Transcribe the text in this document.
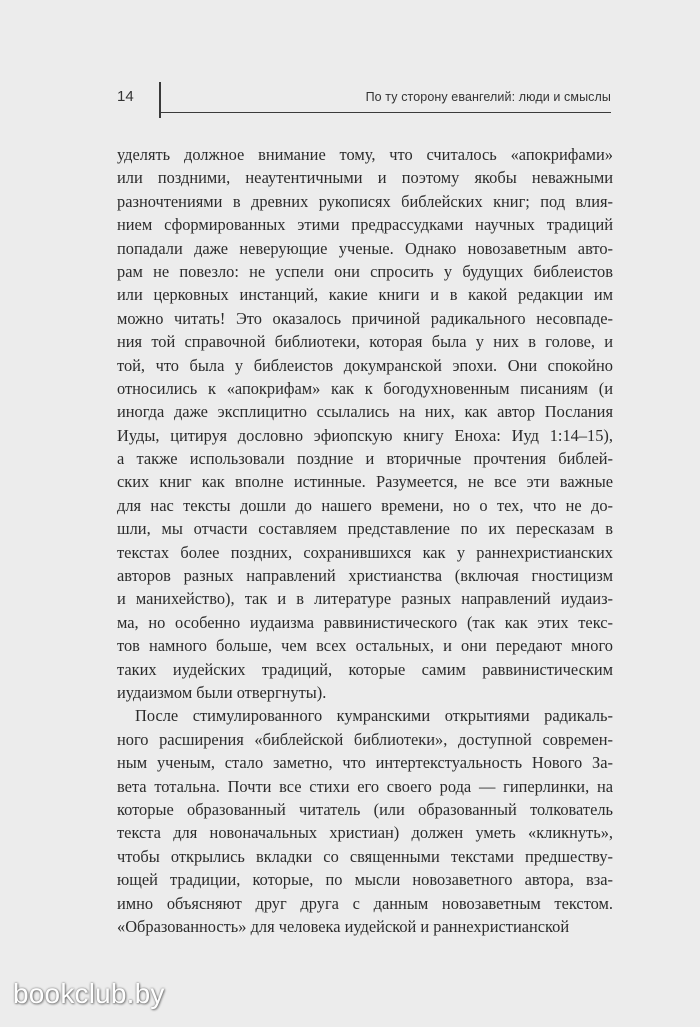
14	По ту сторону евангелий: люди и смыслы
уделять должное внимание тому, что считалось «апокрифами»
или поздними, неаутентичными и поэтому якобы неважными
разночтениями в древних рукописях библейских книг; под влия-
нием сформированных этими предрассудками научных традиций
попадали даже неверующие ученые. Однако новозаветным авто-
рам не повезло: не успели они спросить у будущих библеистов
или церковных инстанций, какие книги и в какой редакции им
можно читать! Это оказалось причиной радикального несовпаде-
ния той справочной библиотеки, которая была у них в голове, и
той, что была у библеистов докумранской эпохи. Они спокойно
относились к «апокрифам» как к богодухновенным писаниям (и
иногда даже эксплицитно ссылались на них, как автор Послания
Иуды, цитируя дословно эфиопскую книгу Еноха: Иуд 1:14–15),
а также использовали поздние и вторичные прочтения библей-
ских книг как вполне истинные. Разумеется, не все эти важные
для нас тексты дошли до нашего времени, но о тех, что не до-
шли, мы отчасти составляем представление по их пересказам в
текстах более поздних, сохранившихся как у раннехристианских
авторов разных направлений христианства (включая гностицизм
и манихейство), так и в литературе разных направлений иудаиз-
ма, но особенно иудаизма раввинистического (так как этих текс-
тов намного больше, чем всех остальных, и они передают много
таких иудейских традиций, которые самим раввинистическим
иудаизмом были отвергнуты).
После стимулированного кумранскими открытиями радикаль-
ного расширения «библейской библиотеки», доступной современ-
ным ученым, стало заметно, что интертекстуальность Нового За-
вета тотальна. Почти все стихи его своего рода — гиперлинки, на
которые образованный читатель (или образованный толкователь
текста для новоначальных христиан) должен уметь «кликнуть»,
чтобы открылись вкладки со священными текстами предшеству-
ющей традиции, которые, по мысли новозаветного автора, вза-
имно объясняют друг друга с данным новозаветным текстом.
«Образованность» для человека иудейской и раннехристианской
bookclub.by
